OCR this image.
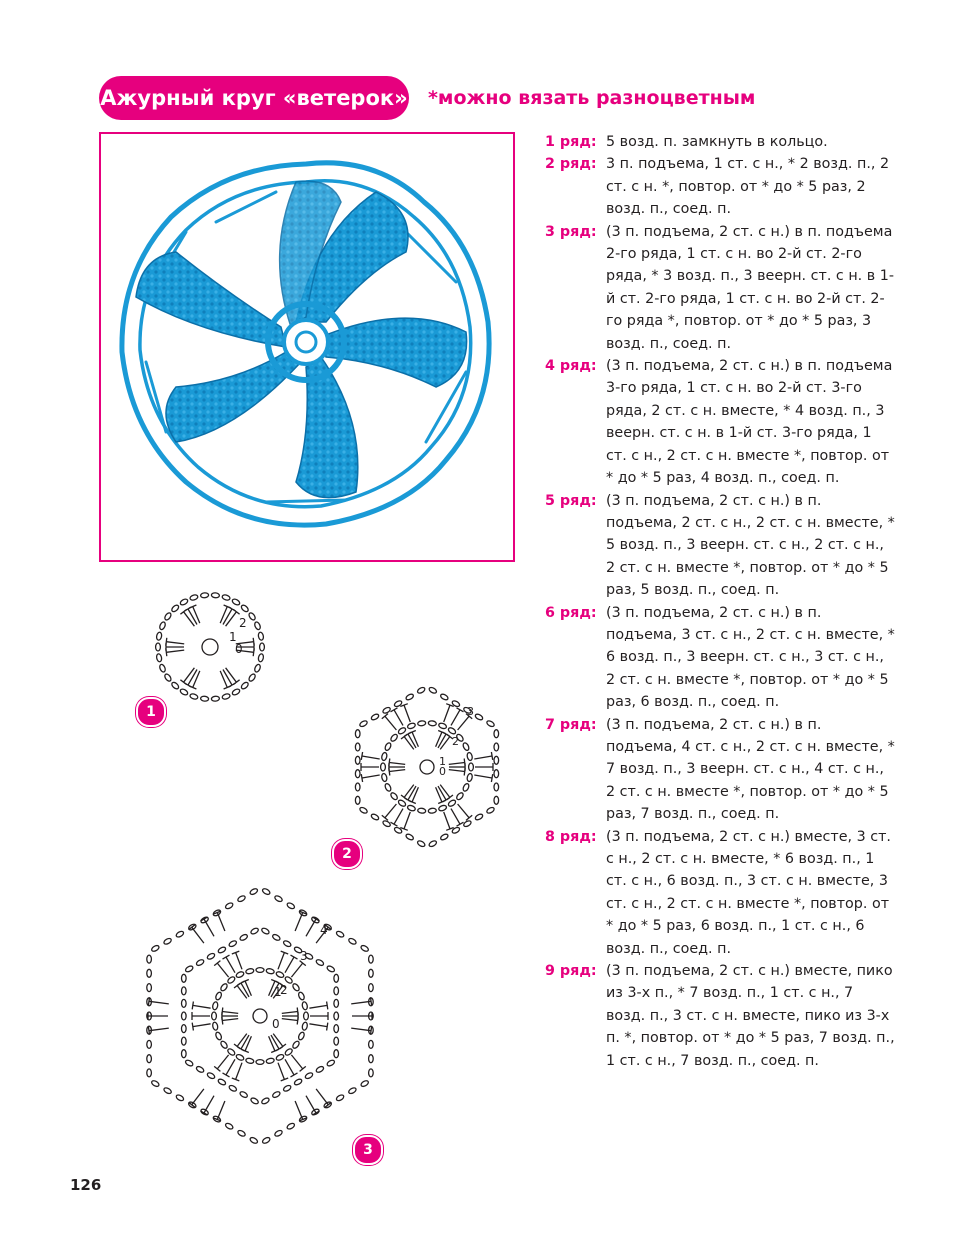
Ажурный круг «ветерок» *можно вязать разноцветным
1 ряд: 5 возд. п. замкнуть в кольцо.
2 ряд: 3 п. подъема, 1 ст. с н., * 2 возд. п., 2 ст. с н. *, повтор. от * до * 5 раз, 2 возд. п., соед. п.
3 ряд: (3 п. подъема, 2 ст. с н.) в п. подъема 2-го ряда, 1 ст. с н. во 2-й ст. 2-го ряда, * 3 возд. п., 3 веерн. ст. с н. в 1-й ст. 2-го ряда, 1 ст. с н. во 2-й ст. 2-го ряда *, повтор. от * до * 5 раз, 3 возд. п., соед. п.
4 ряд: (3 п. подъема, 2 ст. с н.) в п. подъема 3-го ряда, 1 ст. с н. во 2-й ст. 3-го ряда, 2 ст. с н. вместе, * 4 возд. п., 3 веерн. ст. с н. в 1-й ст. 3-го ряда, 1 ст. с н., 2 ст. с н. вместе *, повтор. от * до * 5 раз, 4 возд. п., соед. п.
5 ряд: (3 п. подъема, 2 ст. с н.) в п. подъема, 2 ст. с н., 2 ст. с н. вместе, * 5 возд. п., 3 веерн. ст. с н., 2 ст. с н., 2 ст. с н. вместе *, повтор. от * до * 5 раз, 5 возд. п., соед. п.
6 ряд: (3 п. подъема, 2 ст. с н.) в п. подъема, 3 ст. с н., 2 ст. с н. вместе, * 6 возд. п., 3 веерн. ст. с н., 3 ст. с н., 2 ст. с н. вместе *, повтор. от * до * 5 раз, 6 возд. п., соед. п.
7 ряд: (3 п. подъема, 2 ст. с н.) в п. подъема, 4 ст. с н., 2 ст. с н. вместе, * 7 возд. п., 3 веерн. ст. с н., 4 ст. с н., 2 ст. с н. вместе *, повтор. от * до * 5 раз, 7 возд. п., соед. п.
8 ряд: (3 п. подъема, 2 ст. с н.) вместе, 3 ст. с н., 2 ст. с н. вместе, * 6 возд. п., 1 ст. с н., 6 возд. п., 3 ст. с н. вместе, 3 ст. с н., 2 ст. с н. вместе *, повтор. от * до * 5 раз, 6 возд. п., 1 ст. с н., 6 возд. п., соед. п.
9 ряд: (3 п. подъема, 2 ст. с н.) вместе, пико из 3-х п., * 7 возд. п., 1 ст. с н., 7 возд. п., 3 ст. с н. вместе, пико из 3-х п. *, повтор. от * до * 5 раз, 7 возд. п., 1 ст. с н., 7 возд. п., соед. п.
0
1
2
1
0
1
2
3
2
0
1
2
3
4
3
126
